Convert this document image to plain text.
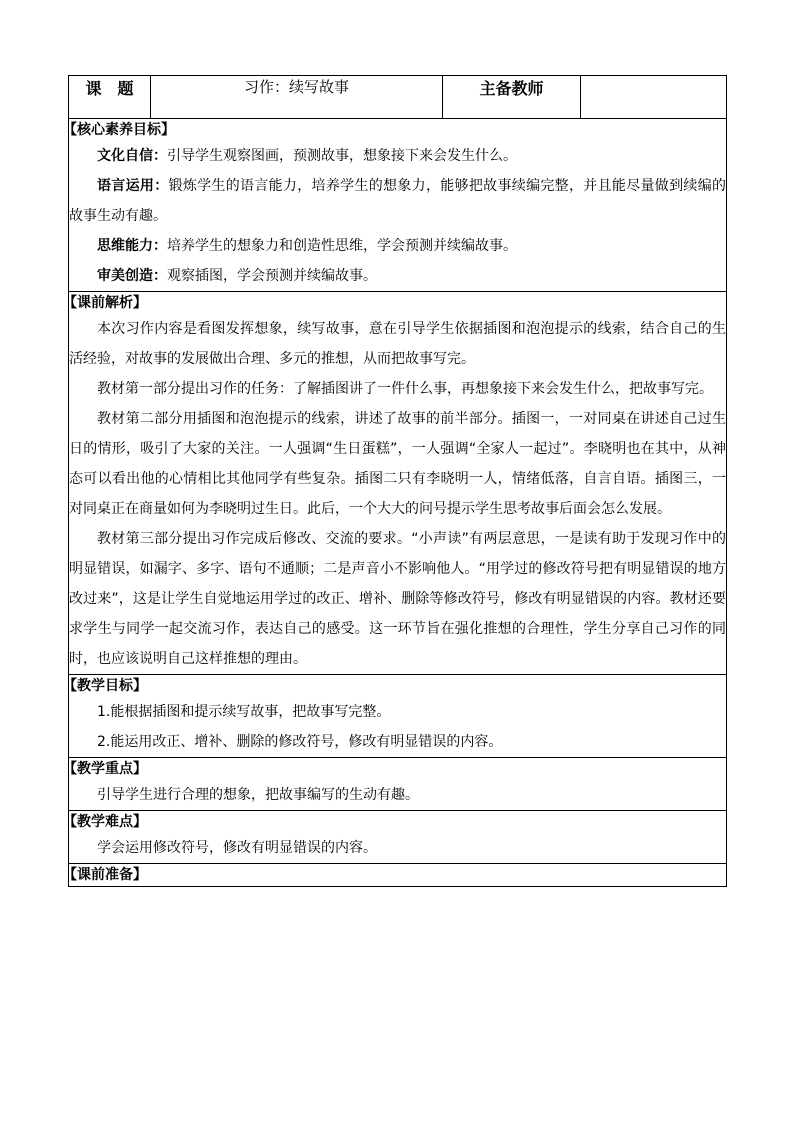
课　题	习作：续写故事	主备教师	

【核心素养目标】

文化自信：引导学生观察图画，预测故事，想象接下来会发生什么。

语言运用：锻炼学生的语言能力，培养学生的想象力，能够把故事续编完整，并且能尽量做到续编的故事生动有趣。

思维能力：培养学生的想象力和创造性思维，学会预测并续编故事。

审美创造：观察插图，学会预测并续编故事。

【课前解析】

本次习作内容是看图发挥想象，续写故事，意在引导学生依据插图和泡泡提示的线索，结合自己的生活经验，对故事的发展做出合理、多元的推想，从而把故事写完。

教材第一部分提出习作的任务：了解插图讲了一件什么事，再想象接下来会发生什么，把故事写完。

教材第二部分用插图和泡泡提示的线索，讲述了故事的前半部分。插图一，一对同桌在讲述自己过生日的情形，吸引了大家的关注。一人强调“生日蛋糕”，一人强调“全家人一起过”。李晓明也在其中，从神态可以看出他的心情相比其他同学有些复杂。插图二只有李晓明一人，情绪低落，自言自语。插图三，一对同桌正在商量如何为李晓明过生日。此后，一个大大的问号提示学生思考故事后面会怎么发展。

教材第三部分提出习作完成后修改、交流的要求。“小声读”有两层意思，一是读有助于发现习作中的明显错误，如漏字、多字、语句不通顺；二是声音小不影响他人。“用学过的修改符号把有明显错误的地方改过来”，这是让学生自觉地运用学过的改正、增补、删除等修改符号，修改有明显错误的内容。教材还要求学生与同学一起交流习作，表达自己的感受。这一环节旨在强化推想的合理性，学生分享自己习作的同时，也应该说明自己这样推想的理由。

【教学目标】

1.能根据插图和提示续写故事，把故事写完整。

2.能运用改正、增补、删除的修改符号，修改有明显错误的内容。

【教学重点】

引导学生进行合理的想象，把故事编写的生动有趣。

【教学难点】

学会运用修改符号，修改有明显错误的内容。

【课前准备】
